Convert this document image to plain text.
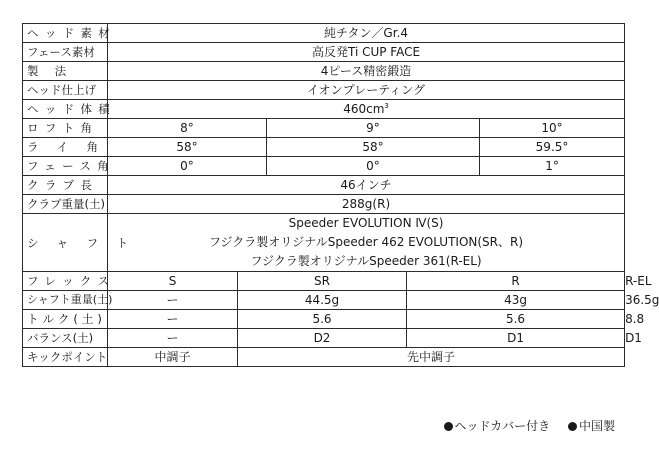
ヘッド素材	純チタン／Gr.4					
フェース素材	高反発Ti CUP FACE					
製　法	4ピース精密鍛造					
ヘッド仕上げ	イオンプレーティング					
ヘッド体積	$460cm^3$
ロフト角	8°		9°		10°	
ライ角	58°		58°		59.5°	
フェース角	0°		0°		1°	
クラブ長	46インチ					
クラブ重量(土)	288g(R)					
シャフト	Speeder EVOLUTION Ⅳ(S)
フジクラ製オリジナルSpeeder 462 EVOLUTION(SR、R)
フジクラ製オリジナルSpeeder 361(R-EL)					

フレックス	S	SR		R		R-EL
シャフト重量(土)	ー	44.5g		43g		36.5g
トルク(土)	ー	5.6		5.6		8.8
バランス(土)	ー	D2		D1		D1
キックポイント	中調子	先中調子				
ヘッドカバー付き 中国製
